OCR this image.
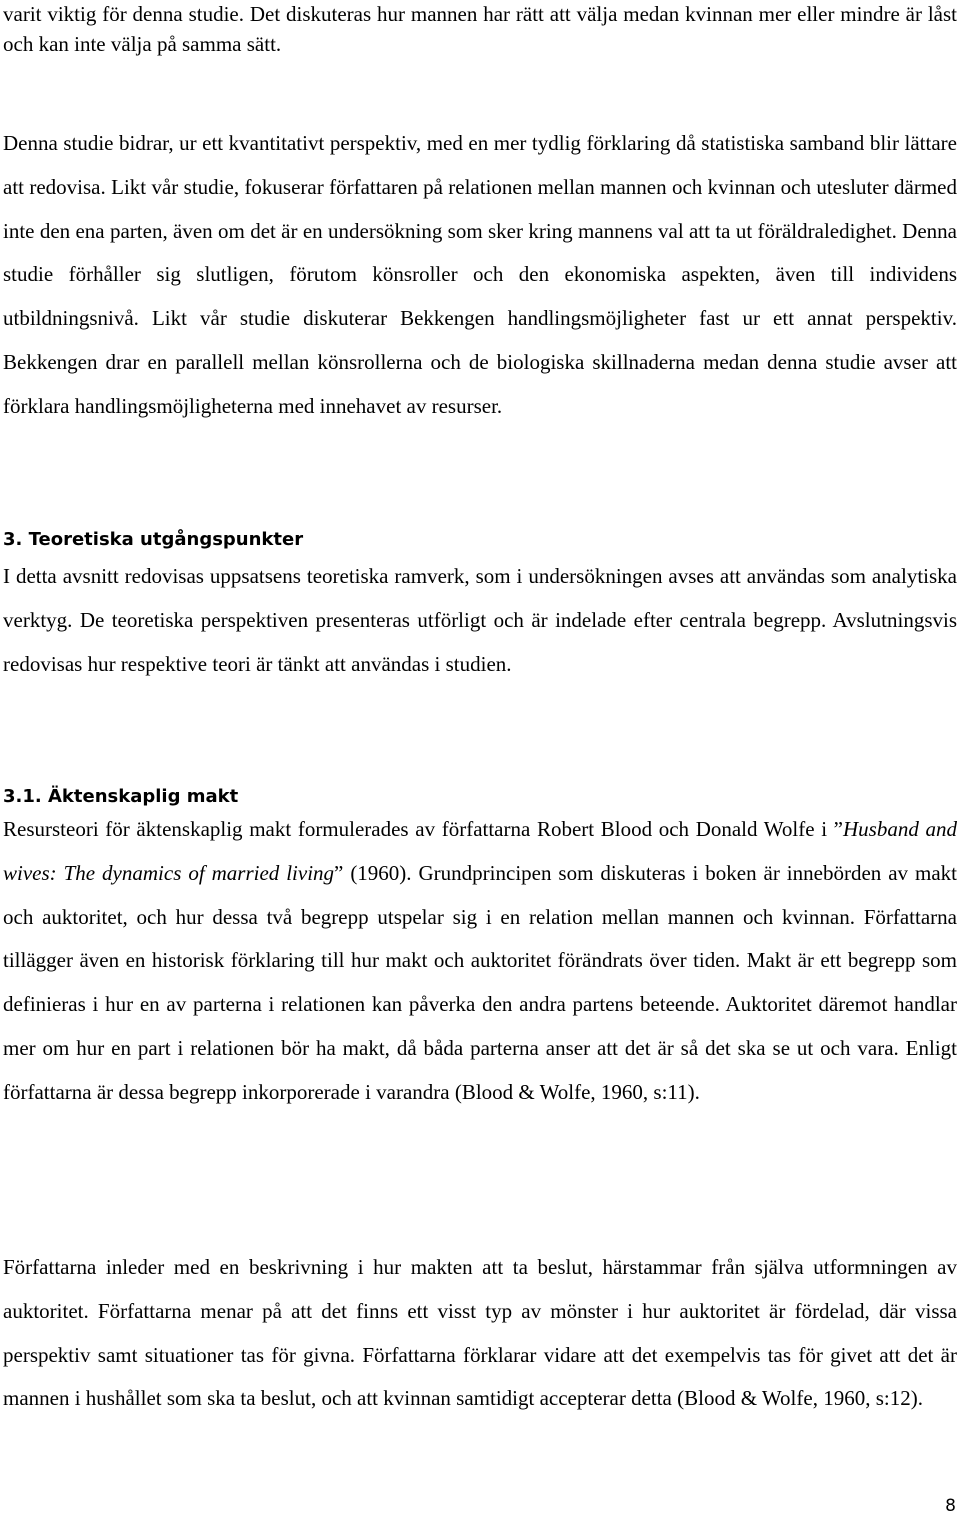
varit viktig för denna studie. Det diskuteras hur mannen har rätt att välja medan kvinnan mer eller mindre är låst och kan inte välja på samma sätt.

Denna studie bidrar, ur ett kvantitativt perspektiv, med en mer tydlig förklaring då statistiska samband blir lättare att redovisa. Likt vår studie, fokuserar författaren på relationen mellan mannen och kvinnan och utesluter därmed inte den ena parten, även om det är en undersökning som sker kring mannens val att ta ut föräldraledighet. Denna studie förhåller sig slutligen, förutom könsroller och den ekonomiska aspekten, även till individens utbildningsnivå. Likt vår studie diskuterar Bekkengen handlingsmöjligheter fast ur ett annat perspektiv. Bekkengen drar en parallell mellan könsrollerna och de biologiska skillnaderna medan denna studie avser att förklara handlingsmöjligheterna med innehavet av resurser.

3. Teoretiska utgångspunkter

I detta avsnitt redovisas uppsatsens teoretiska ramverk, som i undersökningen avses att användas som analytiska verktyg. De teoretiska perspektiven presenteras utförligt och är indelade efter centrala begrepp. Avslutningsvis redovisas hur respektive teori är tänkt att användas i studien.

3.1. Äktenskaplig makt

Resursteori för äktenskaplig makt formulerades av författarna Robert Blood och Donald Wolfe i ”Husband and wives: The dynamics of married living” (1960). Grundprincipen som diskuteras i boken är innebörden av makt och auktoritet, och hur dessa två begrepp utspelar sig i en relation mellan mannen och kvinnan. Författarna tillägger även en historisk förklaring till hur makt och auktoritet förändrats över tiden. Makt är ett begrepp som definieras i hur en av parterna i relationen kan påverka den andra partens beteende. Auktoritet däremot handlar mer om hur en part i relationen bör ha makt, då båda parterna anser att det är så det ska se ut och vara. Enligt författarna är dessa begrepp inkorporerade i varandra (Blood & Wolfe, 1960, s:11).

Författarna inleder med en beskrivning i hur makten att ta beslut, härstammar från själva utformningen av auktoritet. Författarna menar på att det finns ett visst typ av mönster i hur auktoritet är fördelad, där vissa perspektiv samt situationer tas för givna. Författarna förklarar vidare att det exempelvis tas för givet att det är mannen i hushållet som ska ta beslut, och att kvinnan samtidigt accepterar detta (Blood & Wolfe, 1960, s:12).

8
